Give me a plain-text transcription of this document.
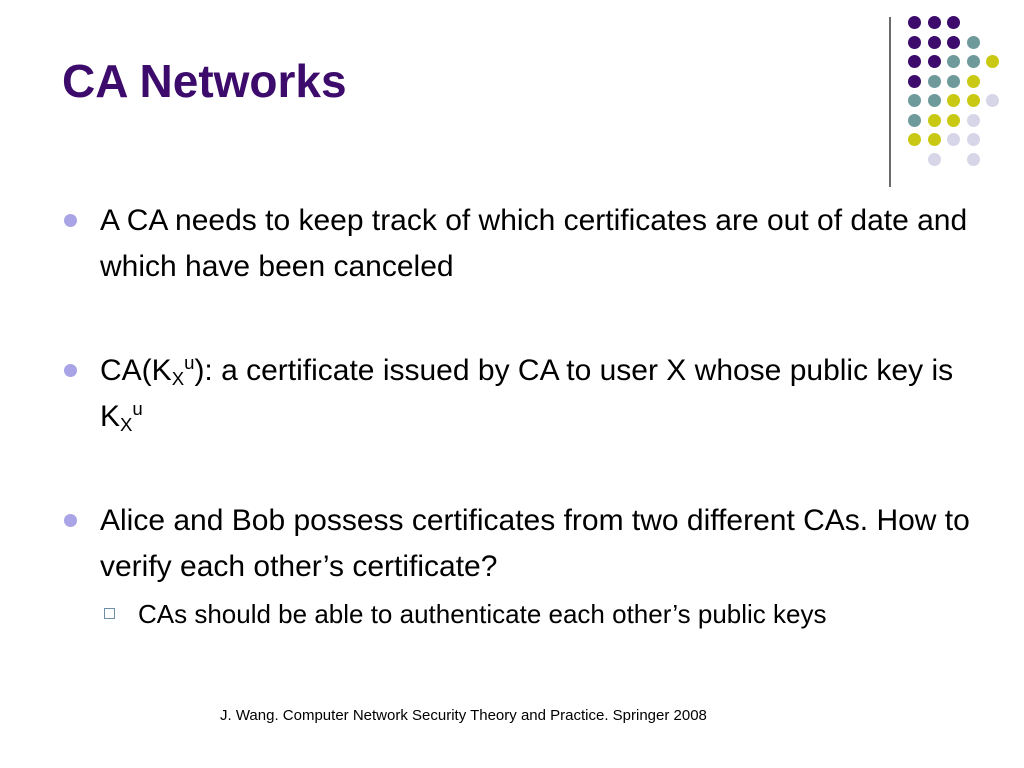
CA Networks
A CA needs to keep track of which certificates are out of date and which have been canceled
$CA(K_X^u)$: a certificate issued by CA to user X whose public key is $K_X^u$
Alice and Bob possess certificates from two different CAs. How to verify each other’s certificate?
CAs should be able to authenticate each other’s public keys
J. Wang. Computer Network Security Theory and Practice. Springer 2008
